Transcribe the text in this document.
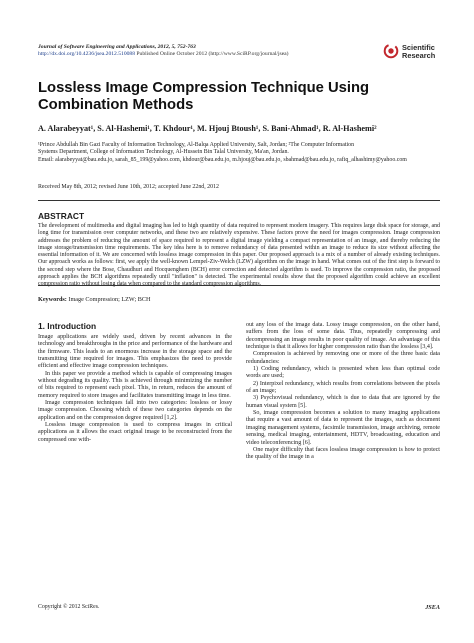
Journal of Software Engineering and Applications, 2012, 5, 752-763
http://dx.doi.org/10.4236/jsea.2012.510088 Published Online October 2012 (http://www.SciRP.org/journal/jsea)
Scientific
Research
Lossless Image Compression Technique Using
Combination Methods

A. Alarabeyyat¹, S. Al-Hashemi¹, T. Khdour¹, M. Hjouj Btoush¹, S. Bani-Ahmad¹, R. Al-Hashemi²

¹Prince Abdullah Bin Gazi Faculty of Information Technology, Al-Balqa Applied University, Salt, Jordan; ²The Computer Information
Systems Department, College of Information Technology, Al-Hussein Bin Talal University, Ma'an, Jordan.
Email: alarabeyyat@bau.edu.jo, sarah_85_199@yahoo.com, khdour@bau.edu.jo, m.hjouj@bau.edu.jo, sbahmad@bau.edu.jo, rafiq_alhashimy@yahoo.com

Received May 8th, 2012; revised June 10th, 2012; accepted June 22nd, 2012

ABSTRACT

The development of multimedia and digital imaging has led to high quantity of data required to represent modern imagery. This requires large disk space for storage, and long time for transmission over computer networks, and these two are relatively expensive. These factors prove the need for images compression. Image compression addresses the problem of reducing the amount of space required to represent a digital image yielding a compact representation of an image, and thereby reducing the image storage/transmission time requirements. The key idea here is to remove redundancy of data presented within an image to reduce its size without affecting the essential information of it. We are concerned with lossless image compression in this paper. Our proposed approach is a mix of a number of already existing techniques. Our approach works as follows: first, we apply the well-known Lempel-Ziv-Welch (LZW) algorithm on the image in hand. What comes out of the first step is forward to the second step where the Bose, Chaudhuri and Hocquenghem (BCH) error correction and detected algorithm is used. To improve the compression ratio, the proposed approach applies the BCH algorithms repeatedly until "inflation" is detected. The experimental results show that the proposed algorithm could achieve an excellent compression ratio without losing data when compared to the standard compression algorithms.

Keywords: Image Compression; LZW; BCH

1. Introduction

Image applications are widely used, driven by recent advances in the technology and breakthroughs in the price and performance of the hardware and the firmware. This leads to an enormous increase in the storage space and the transmitting time required for images. This emphasizes the need to provide efficient and effective image compression techniques.

In this paper we provide a method which is capable of compressing images without degrading its quality. This is achieved through minimizing the number of bits required to represent each pixel. This, in return, reduces the amount of memory required to store images and facilitates transmitting image in less time.

Image compression techniques fall into two categories: lossless or lossy image compression. Choosing which of these two categories depends on the application and on the compression degree required [1,2].

Lossless image compression is used to compress images in critical applications as it allows the exact original image to be reconstructed from the compressed one with-

out any loss of the image data. Lossy image compression, on the other hand, suffers from the loss of some data. Thus, repeatedly compressing and decompressing an image results in poor quality of image. An advantage of this technique is that it allows for higher compression ratio than the lossless [3,4].

Compression is achieved by removing one or more of the three basic data redundancies:

1) Coding redundancy, which is presented when less than optimal code words are used;

2) Interpixel redundancy, which results from correlations between the pixels of an image;

3) Psychovisual redundancy, which is due to data that are ignored by the human visual system [5].

So, image compression becomes a solution to many imaging applications that require a vast amount of data to represent the images, such as document imaging management systems, facsimile transmission, image archiving, remote sensing, medical imaging, entertainment, HDTV, broadcasting, education and video teleconferencing [6].

One major difficulty that faces lossless image compression is how to protect the quality of the image in a

Copyright © 2012 SciRes.	JSEA
